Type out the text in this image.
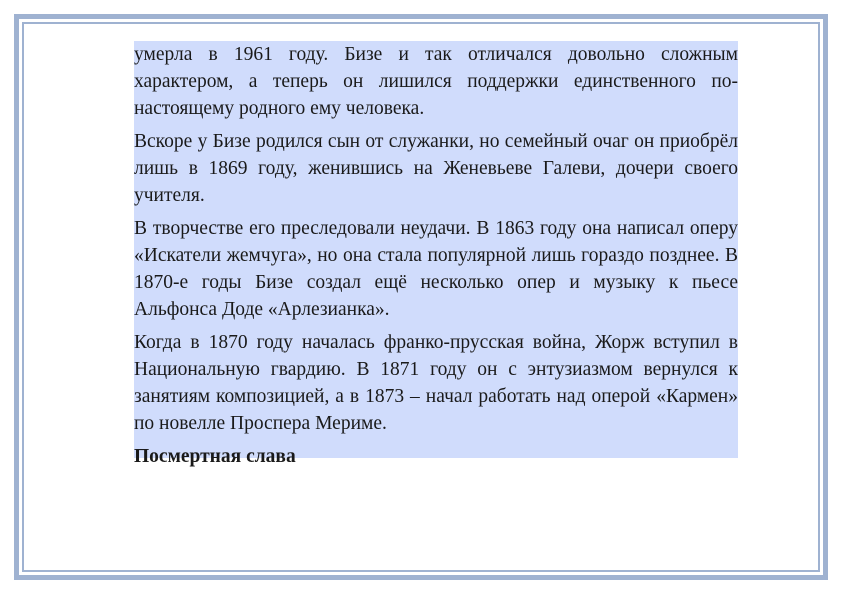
умерла в 1961 году. Бизе и так отличался довольно сложным характером, а теперь он лишился поддержки единственного по-настоящему родного ему человека.

Вскоре у Бизе родился сын от служанки, но семейный очаг он приобрёл лишь в 1869 году, женившись на Женевьеве Галеви, дочери своего учителя.

В творчестве его преследовали неудачи. В 1863 году она написал оперу «Искатели жемчуга», но она стала популярной лишь гораздо позднее. В 1870-е годы Бизе создал ещё несколько опер и музыку к пьесе Альфонса Доде «Арлезианка».

Когда в 1870 году началась франко-прусская война, Жорж вступил в Национальную гвардию. В 1871 году он с энтузиазмом вернулся к занятиям композицией, а в 1873 – начал работать над оперой «Кармен» по новелле Проспера Мериме.

Посмертная слава
